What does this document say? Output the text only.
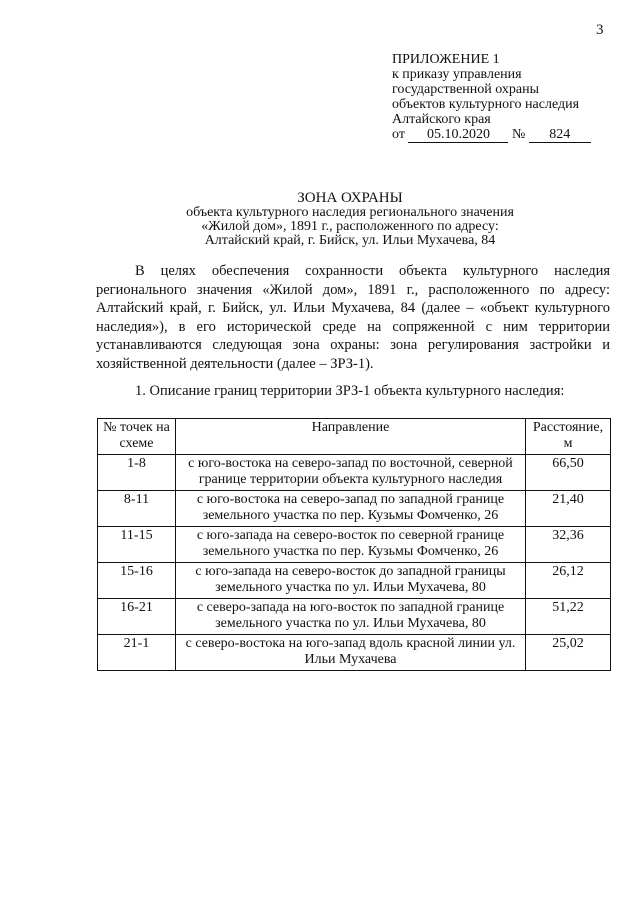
3
ПРИЛОЖЕНИЕ 1
к приказу управления
государственной охраны
объектов культурного наследия
Алтайского края
от 05.10.2020 № 824
ЗОНА ОХРАНЫ
объекта культурного наследия регионального значения
«Жилой дом», 1891 г., расположенного по адресу:
Алтайский край, г. Бийск, ул. Ильи Мухачева, 84
В целях обеспечения сохранности объекта культурного наследия регионального значения «Жилой дом», 1891 г., расположенного по адресу: Алтайский край, г. Бийск, ул. Ильи Мухачева, 84 (далее – «объект культурного наследия»), в его исторической среде на сопряженной с ним территории устанавливаются следующая зона охраны: зона регулирования застройки и хозяйственной деятельности (далее – ЗРЗ-1).
1. Описание границ территории ЗРЗ-1 объекта культурного наследия:
№ точек на схеме	Направление	Расстояние, м
1-8	с юго-востока на северо-запад по восточной, северной границе территории объекта культурного наследия	66,50
8-11	с юго-востока на северо-запад по западной границе земельного участка по пер. Кузьмы Фомченко, 26	21,40
11-15	с юго-запада на северо-восток по северной границе земельного участка по пер. Кузьмы Фомченко, 26	32,36
15-16	с юго-запада на северо-восток до западной границы земельного участка по ул. Ильи Мухачева, 80	26,12
16-21	с северо-запада на юго-восток по западной границе земельного участка по ул. Ильи Мухачева, 80	51,22
21-1	с северо-востока на юго-запад вдоль красной линии ул. Ильи Мухачева	25,02
